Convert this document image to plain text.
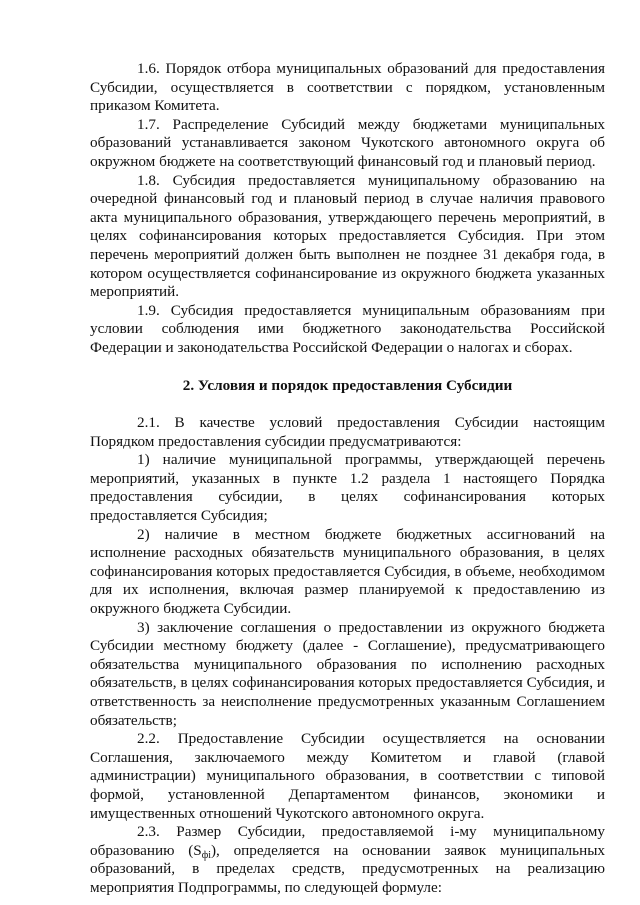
1.6. Порядок отбора муниципальных образований для предоставления Субсидии, осуществляется в соответствии с порядком, установленным приказом Комитета.

1.7. Распределение Субсидий между бюджетами муниципальных образований устанавливается законом Чукотского автономного округа об окружном бюджете на соответствующий финансовый год и плановый период.

1.8. Субсидия предоставляется муниципальному образованию на очередной финансовый год и плановый период в случае наличия правового акта муниципального образования, утверждающего перечень мероприятий, в целях софинансирования которых предоставляется Субсидия. При этом перечень мероприятий должен быть выполнен не позднее 31 декабря года, в котором осуществляется софинансирование из окружного бюджета указанных мероприятий.

1.9. Субсидия предоставляется муниципальным образованиям при условии соблюдения ими бюджетного законодательства Российской Федерации и законодательства Российской Федерации о налогах и сборах.

2. Условия и порядок предоставления Субсидии

2.1. В качестве условий предоставления Субсидии настоящим Порядком предоставления субсидии предусматриваются:

1) наличие муниципальной программы, утверждающей перечень мероприятий, указанных в пункте 1.2 раздела 1 настоящего Порядка предоставления субсидии, в целях софинансирования которых предоставляется Субсидия;

2) наличие в местном бюджете бюджетных ассигнований на исполнение расходных обязательств муниципального образования, в целях софинансирования которых предоставляется Субсидия, в объеме, необходимом для их исполнения, включая размер планируемой к предоставлению из окружного бюджета Субсидии.

3) заключение соглашения о предоставлении из окружного бюджета Субсидии местному бюджету (далее - Соглашение), предусматривающего обязательства муниципального образования по исполнению расходных обязательств, в целях софинансирования которых предоставляется Субсидия, и ответственность за неисполнение предусмотренных указанным Соглашением обязательств;

2.2. Предоставление Субсидии осуществляется на основании Соглашения, заключаемого между Комитетом и главой (главой администрации) муниципального образования, в соответствии с типовой формой, установленной Департаментом финансов, экономики и имущественных отношений Чукотского автономного округа.

2.3. Размер Субсидии, предоставляемой i-му муниципальному образованию $(S_{фi})$, определяется на основании заявок муниципальных образований, в пределах средств, предусмотренных на реализацию мероприятия Подпрограммы, по следующей формуле:
